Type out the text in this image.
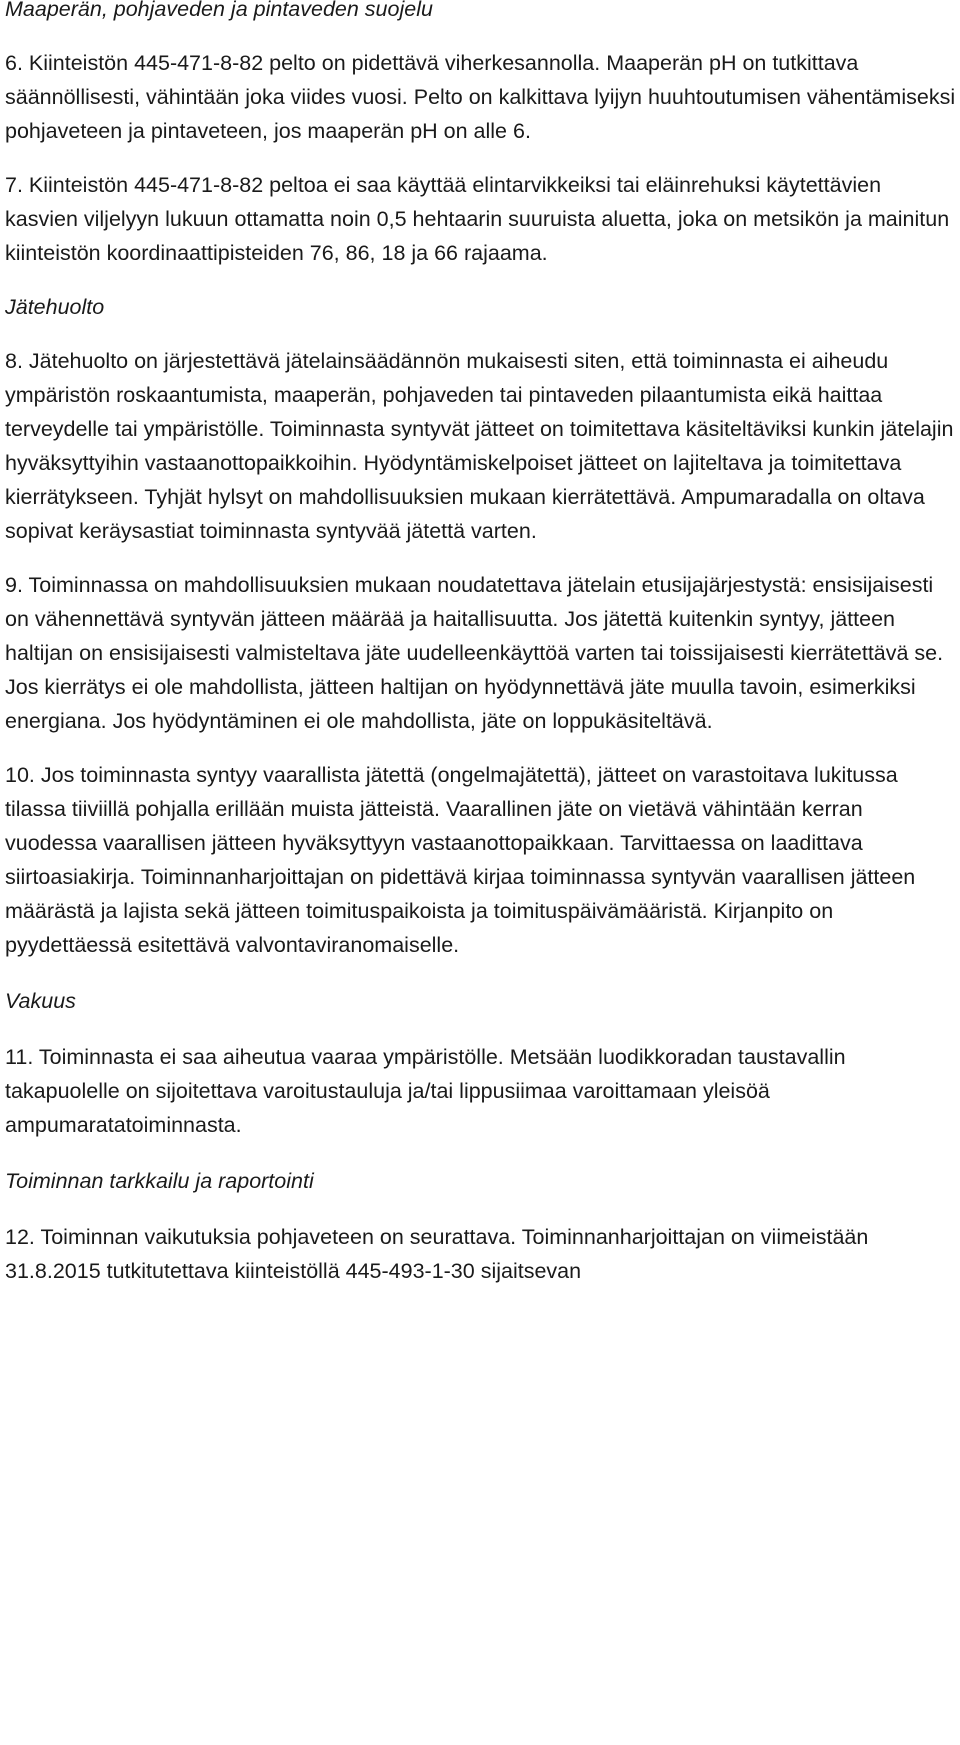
Maaperän, pohjaveden ja pintaveden suojelu
6. Kiinteistön 445-471-8-82 pelto on pidettävä viherkesannolla. Maaperän pH on tutkittava säännöllisesti, vähintään joka viides vuosi. Pelto on kalkittava lyijyn huuhtoutumisen vähentämiseksi pohjaveteen ja pintaveteen, jos maaperän pH on alle 6.
7. Kiinteistön 445-471-8-82 peltoa ei saa käyttää elintarvikkeiksi tai eläinrehuksi käytettävien kasvien viljelyyn lukuun ottamatta noin 0,5 hehtaarin suuruista aluetta, joka on metsikön ja mainitun kiinteistön koordinaattipisteiden 76, 86, 18 ja 66 rajaama.
Jätehuolto
8. Jätehuolto on järjestettävä jätelainsäädännön mukaisesti siten, että toiminnasta ei aiheudu ympäristön roskaantumista, maaperän, pohjaveden tai pintaveden pilaantumista eikä haittaa terveydelle tai ympäristölle. Toiminnasta syntyvät jätteet on toimitettava käsiteltäviksi kunkin jätelajin hyväksyttyihin vastaanottopaikkoihin. Hyödyntämiskelpoiset jätteet on lajiteltava ja toimitettava kierrätykseen. Tyhjät hylsyt on mahdollisuuksien mukaan kierrätettävä. Ampumaradalla on oltava sopivat keräysastiat toiminnasta syntyvää jätettä varten.
9. Toiminnassa on mahdollisuuksien mukaan noudatettava jätelain etusijajärjestystä: ensisijaisesti on vähennettävä syntyvän jätteen määrää ja haitallisuutta. Jos jätettä kuitenkin syntyy, jätteen haltijan on ensisijaisesti valmisteltava jäte uudelleenkäyttöä varten tai toissijaisesti kierrätettävä se. Jos kierrätys ei ole mahdollista, jätteen haltijan on hyödynnettävä jäte muulla tavoin, esimerkiksi energiana. Jos hyödyntäminen ei ole mahdollista, jäte on loppukäsiteltävä.
10. Jos toiminnasta syntyy vaarallista jätettä (ongelmajätettä), jätteet on varastoitava lukitussa tilassa tiiviillä pohjalla erillään muista jätteistä. Vaarallinen jäte on vietävä vähintään kerran vuodessa vaarallisen jätteen hyväksyttyyn vastaanottopaikkaan. Tarvittaessa on laadittava siirtoasiakirja. Toiminnanharjoittajan on pidettävä kirjaa toiminnassa syntyvän vaarallisen jätteen määrästä ja lajista sekä jätteen toimituspaikoista ja toimituspäivämääristä. Kirjanpito on pyydettäessä esitettävä valvontaviranomaiselle.
Vakuus
11. Toiminnasta ei saa aiheutua vaaraa ympäristölle. Metsään luodikkoradan taustavallin takapuolelle on sijoitettava varoitustauluja ja/tai lippusiimaa varoittamaan yleisöä ampumaratatoiminnasta.
Toiminnan tarkkailu ja raportointi
12. Toiminnan vaikutuksia pohjaveteen on seurattava. Toiminnanharjoittajan on viimeistään 31.8.2015 tutkitutettava kiinteistöllä 445-493-1-30 sijaitsevan
